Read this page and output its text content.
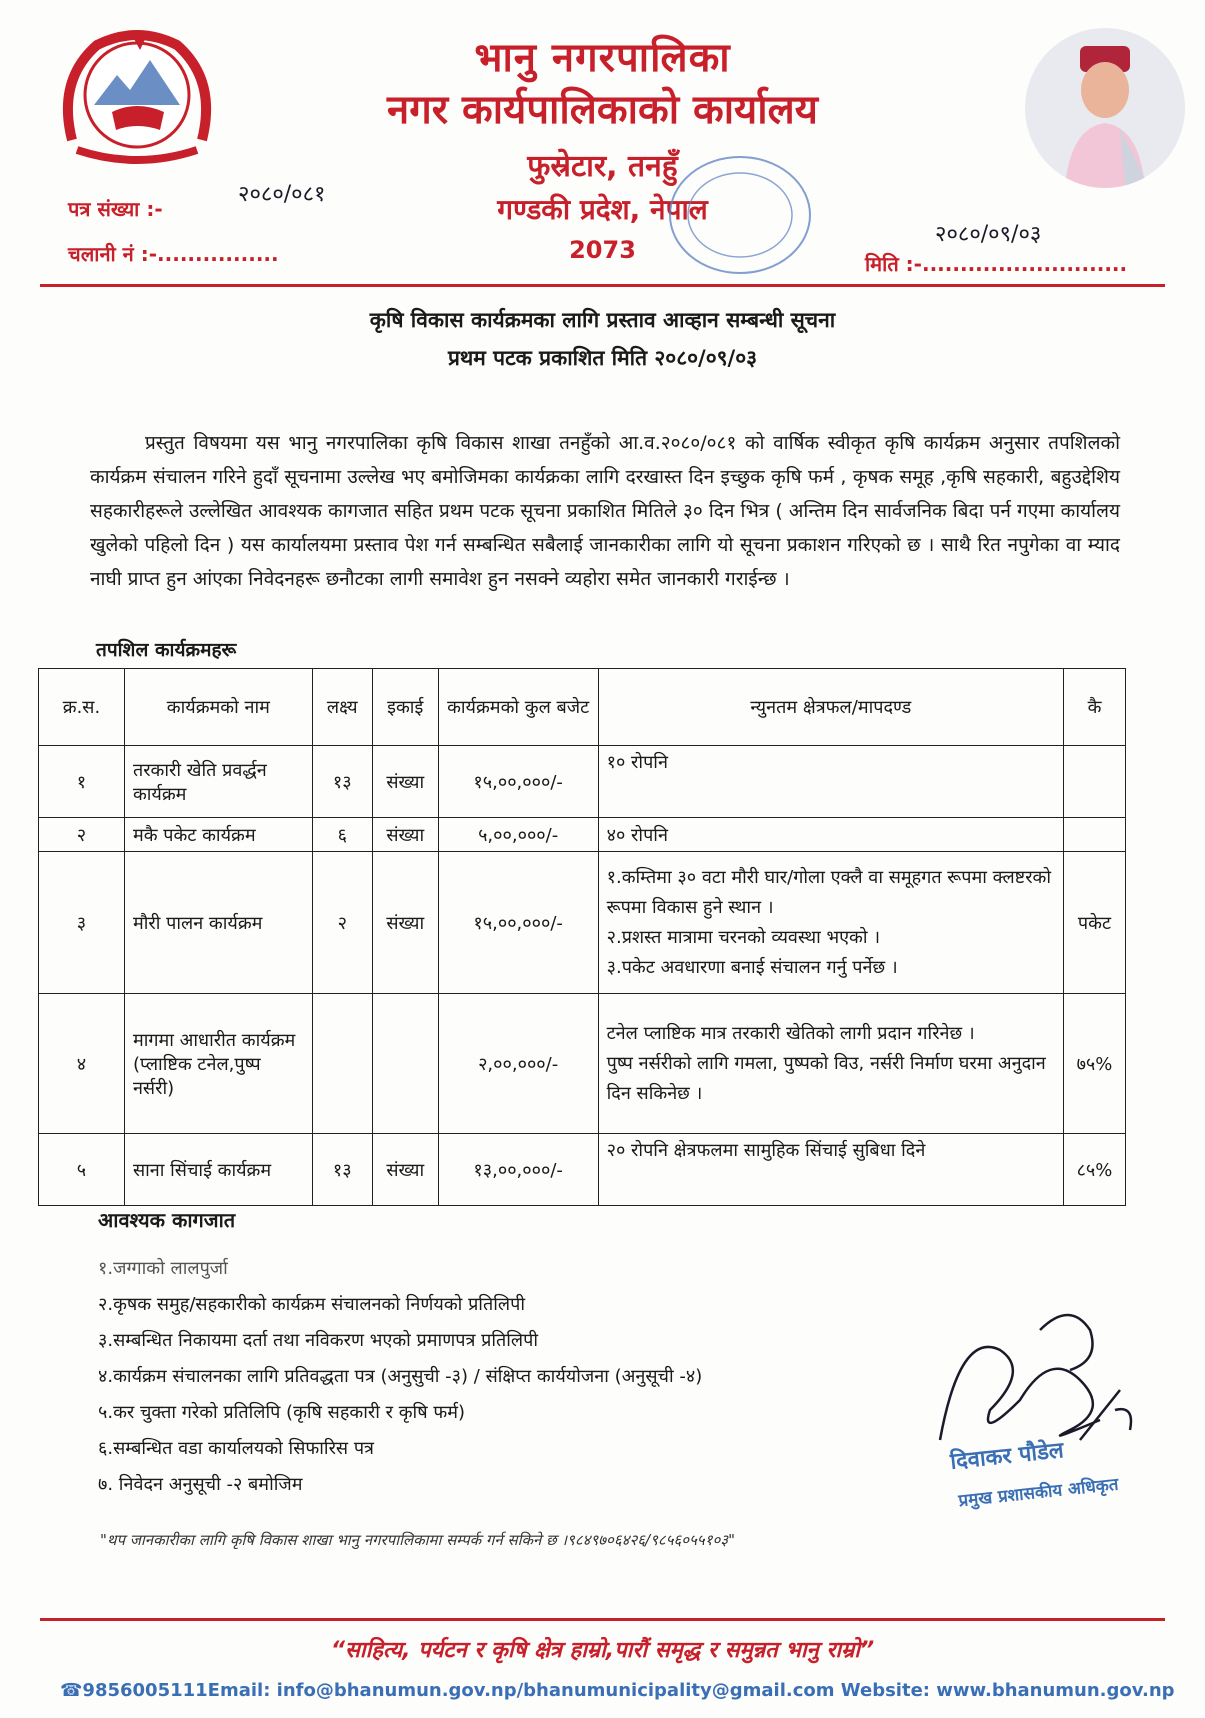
भानु नगरपालिका
नगर कार्यपालिकाको कार्यालय
फुस्रेटार, तनहुँ
गण्डकी प्रदेश, नेपाल
2073
पत्र संख्या :-
२०८०/०८१
चलानी नं :-................
२०८०/०९/०३
मिति :-...........................
कृषि विकास कार्यक्रमका लागि प्रस्ताव आव्हान सम्बन्धी सूचना
प्रथम पटक प्रकाशित मिति २०८०/०९/०३
प्रस्तुत विषयमा यस भानु नगरपालिका कृषि विकास शाखा तनहुँको आ.व.२०८०/०८१ को वार्षिक स्वीकृत कृषि कार्यक्रम अनुसार तपशिलको कार्यक्रम संचालन गरिने हुदाँ सूचनामा उल्लेख भए बमोजिमका कार्यक्रका लागि दरखास्त दिन इच्छुक कृषि फर्म , कृषक समूह ,कृषि सहकारी, बहुउद्देशिय सहकारीहरूले उल्लेखित आवश्यक कागजात सहित प्रथम पटक सूचना प्रकाशित मितिले ३० दिन भित्र ( अन्तिम दिन सार्वजनिक बिदा पर्न गएमा कार्यालय खुलेको पहिलो दिन ) यस कार्यालयमा प्रस्ताव पेश गर्न सम्बन्धित सबैलाई जानकारीका लागि यो सूचना प्रकाशन गरिएको छ । साथै रित नपुगेका वा म्याद नाघी प्राप्त हुन आंएका निवेदनहरू छनौटका लागी समावेश हुन नसक्ने व्यहोरा समेत जानकारी गराईन्छ ।
तपशिल कार्यक्रमहरू
क्र.स.	कार्यक्रमको नाम	लक्ष्य	इकाई	कार्यक्रमको कुल बजेट	न्युनतम क्षेत्रफल/मापदण्ड	कै
१	तरकारी खेति प्रवर्द्धन कार्यक्रम	१३	संख्या	१५,००,०००/-	१० रोपनि	

२	मकै पकेट कार्यक्रम	६	संख्या	५,००,०००/-	४० रोपनि	

३	मौरी पालन कार्यक्रम	२	संख्या	१५,००,०००/-	१.कम्तिमा ३० वटा मौरी घार/गोला एक्लै वा समूहगत रूपमा क्लष्टरको रूपमा विकास हुने स्थान ।
२.प्रशस्त मात्रामा चरनको व्यवस्था भएको ।
३.पकेट अवधारणा बनाई संचालन गर्नु पर्नेछ ।	पकेट
४	मागमा आधारीत कार्यक्रम (प्लाष्टिक टनेल,पुष्प नर्सरी)			२,००,०००/-	टनेल प्लाष्टिक मात्र तरकारी खेतिको लागी प्रदान गरिनेछ ।
पुष्प नर्सरीको लागि गमला, पुष्पको विउ, नर्सरी निर्माण घरमा अनुदान दिन सकिनेछ ।	७५%
५	साना सिंचाई कार्यक्रम	१३	संख्या	१३,००,०००/-	२० रोपनि क्षेत्रफलमा सामुहिक सिंचाई सुबिधा दिने	८५%
आवश्यक कागजात
१.जग्गाको लालपुर्जा
२.कृषक समुह/सहकारीको कार्यक्रम संचालनको निर्णयको प्रतिलिपी
३.सम्बन्धित निकायमा दर्ता तथा नविकरण भएको प्रमाणपत्र प्रतिलिपी
४.कार्यक्रम संचालनका लागि प्रतिवद्धता पत्र (अनुसुची -३) / संक्षिप्त कार्ययोजना (अनुसूची -४)
५.कर चुक्ता गरेको प्रतिलिपि (कृषि सहकारी र कृषि फर्म)
६.सम्बन्धित वडा कार्यालयको सिफारिस पत्र
७. निवेदन अनुसूची -२ बमोजिम
"थप जानकारीका लागि कृषि विकास शाखा भानु नगरपालिकामा सम्पर्क गर्न सकिने छ ।९८४९७०६४२६/९८५६०५५१०३"
दिवाकर पौडेल
प्रमुख प्रशासकीय अधिकृत
“साहित्य, पर्यटन र कृषि क्षेत्र हाम्रो,पारौं समृद्ध र समुन्नत भानु राम्रो”
☎9856005111Email: info@bhanumun.gov.np/bhanumunicipality@gmail.com Website: www.bhanumun.gov.np
